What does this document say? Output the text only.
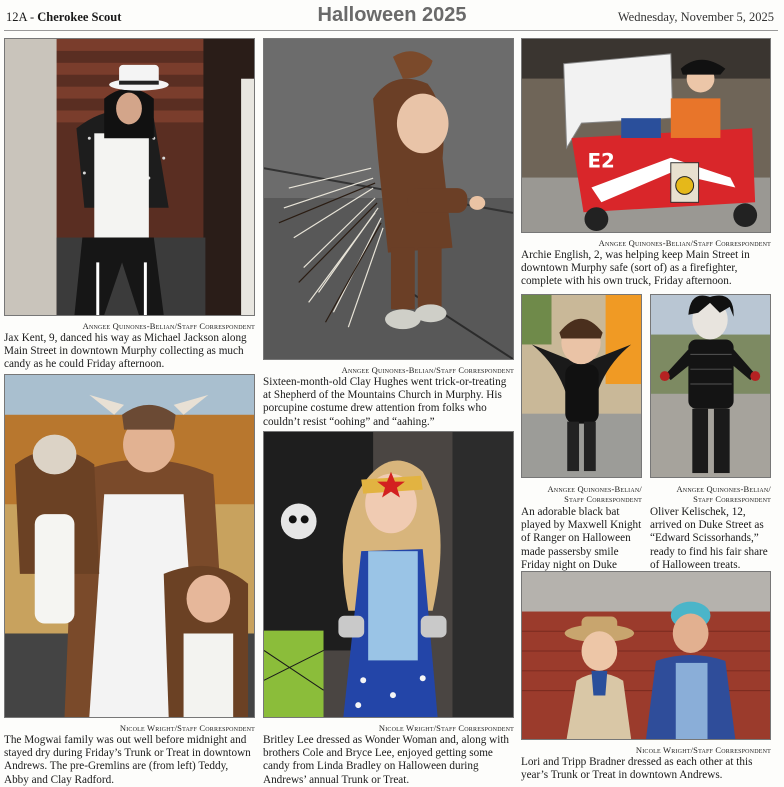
12A - Cherokee Scout	Halloween 2025	Wednesday, November 5, 2025
Anngee Quinones-Belian/Staff Correspondent
Jax Kent, 9, danced his way as Michael Jackson along Main Street in downtown Murphy collecting as much candy as he could Friday afternoon.	Anngee Quinones-Belian/Staff Correspondent
Sixteen-month-old Clay Hughes went trick-or-treating at Shepherd of the Mountains Church in Murphy. His porcupine costume drew attention from folks who couldn’t resist “oohing” and “aahing.”
E2
Anngee Quinones-Belian/Staff Correspondent
Archie English, 2, was helping keep Main Street in downtown Murphy safe (sort of) as a firefighter, complete with his own truck, Friday afternoon.
Anngee Quinones-Belian/
Staff Correspondent
An adorable black bat played by Maxwell Knight of Ranger on Halloween made passersby smile Friday night on Duke
Anngee Quinones-Belian/
Staff Correspondent
Oliver Kelischek, 12, arrived on Duke Street as “Edward Scissorhands,” ready to find his fair share of Halloween treats.
Nicole Wright/Staff Correspondent
The Mogwai family was out well before midnight and stayed dry during Friday’s Trunk or Treat in downtown Andrews. The pre-Gremlins are (from left) Teddy, Abby and Clay Radford.
Nicole Wright/Staff Correspondent
Britley Lee dressed as Wonder Woman and, along with brothers Cole and Bryce Lee, enjoyed getting some candy from Linda Bradley on Halloween during Andrews’ annual Trunk or Treat.
Nicole Wright/Staff Correspondent
Lori and Tripp Bradner dressed as each other at this year’s Trunk or Treat in downtown Andrews.
